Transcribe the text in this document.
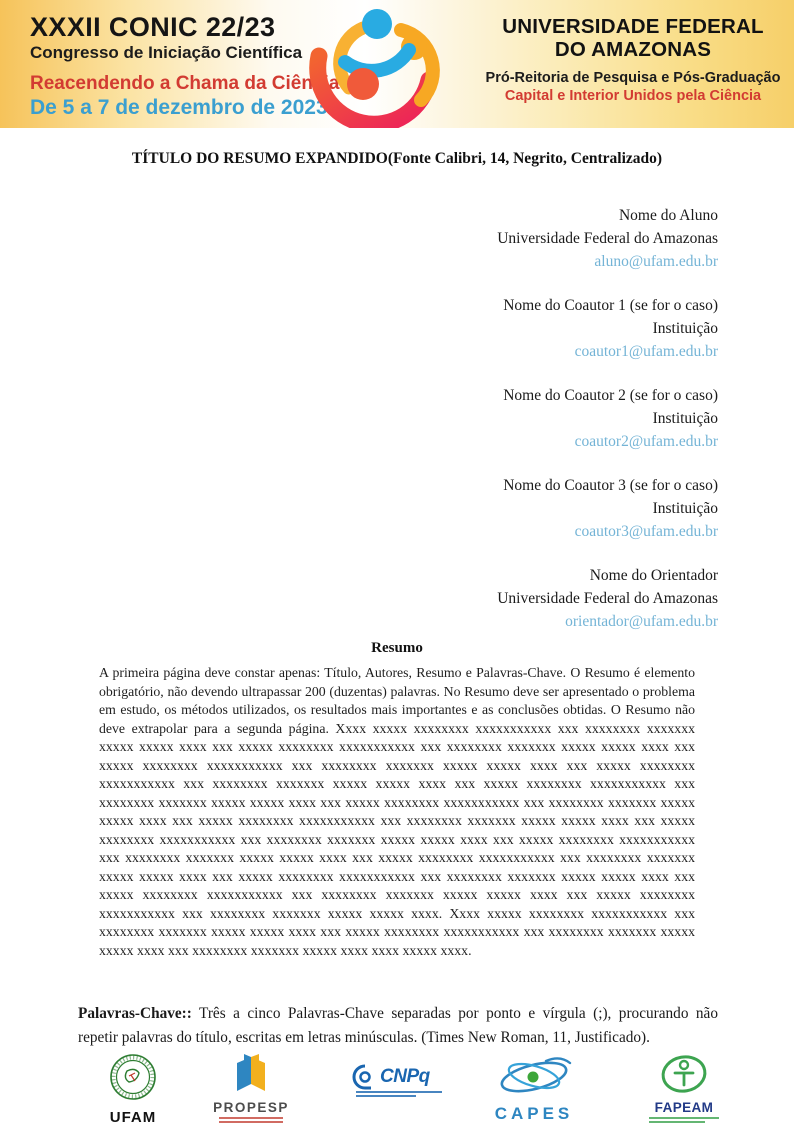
XXXII CONIC 22/23
Congresso de Iniciação Científica
Reacendendo a Chama da Ciência
De 5 a 7 de dezembro de 2023
UNIVERSIDADE FEDERAL
DO AMAZONAS
Pró-Reitoria de Pesquisa e Pós-Graduação
Capital e Interior Unidos pela Ciência
TÍTULO DO RESUMO EXPANDIDO(Fonte Calibri, 14, Negrito, Centralizado)
Nome do Aluno
Universidade Federal do Amazonas
aluno@ufam.edu.br
Nome do Coautor 1 (se for o caso)
Instituição
coautor1@ufam.edu.br
Nome do Coautor 2 (se for o caso)
Instituição
coautor2@ufam.edu.br
Nome do Coautor 3 (se for o caso)
Instituição
coautor3@ufam.edu.br
Nome do Orientador
Universidade Federal do Amazonas
orientador@ufam.edu.br
Resumo
A primeira página deve constar apenas: Título, Autores, Resumo e Palavras-Chave. O Resumo é elemento obrigatório, não devendo ultrapassar 200 (duzentas) palavras. No Resumo deve ser apresentado o problema em estudo, os métodos utilizados, os resultados mais importantes e as conclusões obtidas. O Resumo não deve extrapolar para a segunda página. Xxxx xxxxx xxxxxxxx xxxxxxxxxxx xxx xxxxxxxx xxxxxxx xxxxx xxxxx xxxx xxx xxxxx xxxxxxxx xxxxxxxxxxx xxx xxxxxxxx xxxxxxx xxxxx xxxxx xxxx xxx xxxxx xxxxxxxx xxxxxxxxxxx xxx xxxxxxxx xxxxxxx xxxxx xxxxx xxxx xxx xxxxx xxxxxxxx xxxxxxxxxxx xxx xxxxxxxx xxxxxxx xxxxx xxxxx xxxx xxx xxxxx xxxxxxxx xxxxxxxxxxx xxx xxxxxxxx xxxxxxx xxxxx xxxxx xxxx xxx xxxxx xxxxxxxx xxxxxxxxxxx xxx xxxxxxxx xxxxxxx xxxxx xxxxx xxxx xxx xxxxx xxxxxxxx xxxxxxxxxxx xxx xxxxxxxx xxxxxxx xxxxx xxxxx xxxx xxx xxxxx xxxxxxxx xxxxxxxxxxx xxx xxxxxxxx xxxxxxx xxxxx xxxxx xxxx xxx xxxxx xxxxxxxx xxxxxxxxxxx xxx xxxxxxxx xxxxxxx xxxxx xxxxx xxxx xxx xxxxx xxxxxxxx xxxxxxxxxxx xxx xxxxxxxx xxxxxxx xxxxx xxxxx xxxx xxx xxxxx xxxxxxxx xxxxxxxxxxx xxx xxxxxxxx xxxxxxx xxxxx xxxxx xxxx xxx xxxxx xxxxxxxx xxxxxxxxxxx xxx xxxxxxxx xxxxxxx xxxxx xxxxx xxxx xxx xxxxx xxxxxxxx xxxxxxxxxxx xxx xxxxxxxx xxxxxxx xxxxx xxxxx xxxx. Xxxx xxxxx xxxxxxxx xxxxxxxxxxx xxx xxxxxxxx xxxxxxx xxxxx xxxxx xxxx xxx xxxxx xxxxxxxx xxxxxxxxxxx xxx xxxxxxxx xxxxxxx xxxxx xxxxx xxxx xxx xxxxxxxx xxxxxxx xxxxx xxxx xxxx xxxxx xxxx.
Palavras-Chave:: Três a cinco Palavras-Chave separadas por ponto e vírgula (;), procurando não repetir palavras do título, escritas em letras minúsculas. (Times New Roman, 11, Justificado).
UFAM
PROPESP
CNPq
CAPES	FAPEAM
